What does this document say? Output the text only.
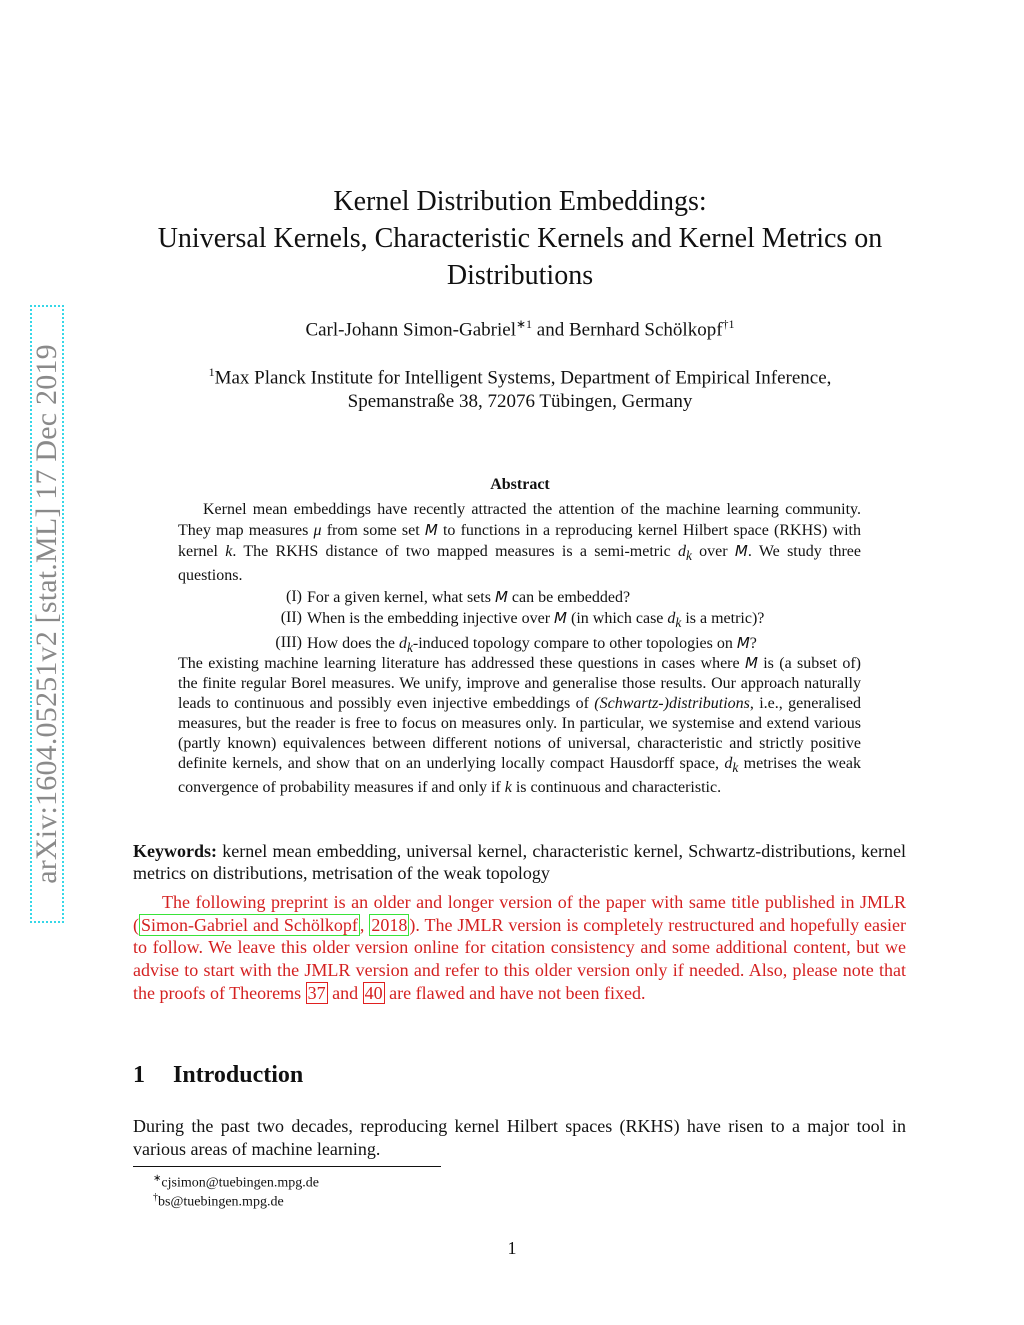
arXiv:1604.05251v2 [stat.ML] 17 Dec 2019
Kernel Distribution Embeddings:
Universal Kernels, Characteristic Kernels and Kernel Metrics on
Distributions
Carl-Johann Simon-Gabriel$^{∗1}$ and Bernhard Schölkopf$^{\dagger 1}$
$^1$Max Planck Institute for Intelligent Systems, Department of Empirical Inference,
Spemanstraße 38, 72076 Tübingen, Germany
Abstract
Kernel mean embeddings have recently attracted the attention of the machine learning community. They map measures μ from some set M to functions in a reproducing kernel Hilbert space (RKHS) with kernel k. The RKHS distance of two mapped measures is a semi-metric $d_k$ over M. We study three questions.
(I) For a given kernel, what sets M can be embedded?
(II) When is the embedding injective over M (in which case $d_k$ is a metric)?
(III) How does the $d_k$-induced topology compare to other topologies on M?
The existing machine learning literature has addressed these questions in cases where M is (a subset of) the finite regular Borel measures. We unify, improve and generalise those results. Our approach naturally leads to continuous and possibly even injective embeddings of (Schwartz-)distributions, i.e., generalised measures, but the reader is free to focus on measures only. In particular, we systemise and extend various (partly known) equivalences between different notions of universal, characteristic and strictly positive definite kernels, and show that on an underlying locally compact Hausdorff space, $d_k$ metrises the weak convergence of probability measures if and only if k is continuous and characteristic.
Keywords: kernel mean embedding, universal kernel, characteristic kernel, Schwartz-distributions, kernel metrics on distributions, metrisation of the weak topology
The following preprint is an older and longer version of the paper with same title published in JMLR ( Simon-Gabriel and Schölkopf , 2018 ). The JMLR version is completely restructured and hopefully easier to follow. We leave this older version online for citation consistency and some additional content, but we advise to start with the JMLR version and refer to this older version only if needed. Also, please note that the proofs of Theorems 37 and 40 are flawed and have not been fixed.
1 Introduction
During the past two decades, reproducing kernel Hilbert spaces (RKHS) have risen to a major tool in various areas of machine learning.
∗cjsimon@tuebingen.mpg.de
†bs@tuebingen.mpg.de
1
